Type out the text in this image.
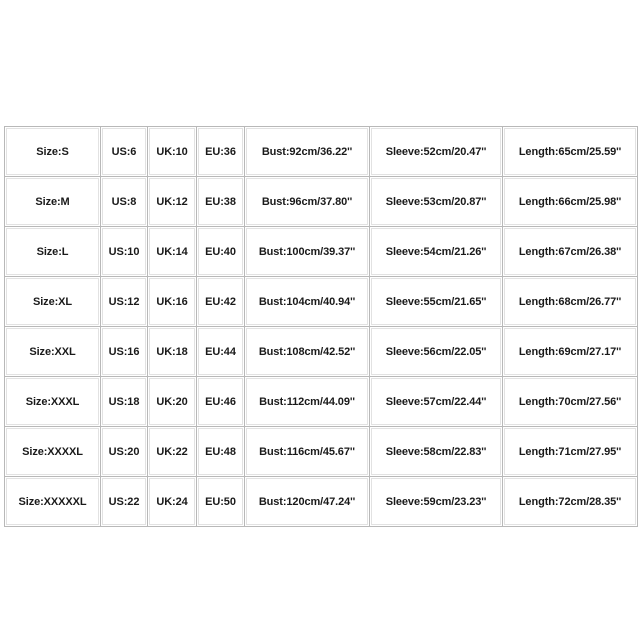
Size:S	US:6	UK:10	EU:36	Bust:92cm/36.22''	Sleeve:52cm/20.47''	Length:65cm/25.59''

Size:M	US:8	UK:12	EU:38	Bust:96cm/37.80''	Sleeve:53cm/20.87''	Length:66cm/25.98''

Size:L	US:10	UK:14	EU:40	Bust:100cm/39.37''	Sleeve:54cm/21.26''	Length:67cm/26.38''

Size:XL	US:12	UK:16	EU:42	Bust:104cm/40.94''	Sleeve:55cm/21.65''	Length:68cm/26.77''

Size:XXL	US:16	UK:18	EU:44	Bust:108cm/42.52''	Sleeve:56cm/22.05''	Length:69cm/27.17''

Size:XXXL	US:18	UK:20	EU:46	Bust:112cm/44.09''	Sleeve:57cm/22.44''	Length:70cm/27.56''

Size:XXXXL	US:20	UK:22	EU:48	Bust:116cm/45.67''	Sleeve:58cm/22.83''	Length:71cm/27.95''

Size:XXXXXL	US:22	UK:24	EU:50	Bust:120cm/47.24''	Sleeve:59cm/23.23''	Length:72cm/28.35''
